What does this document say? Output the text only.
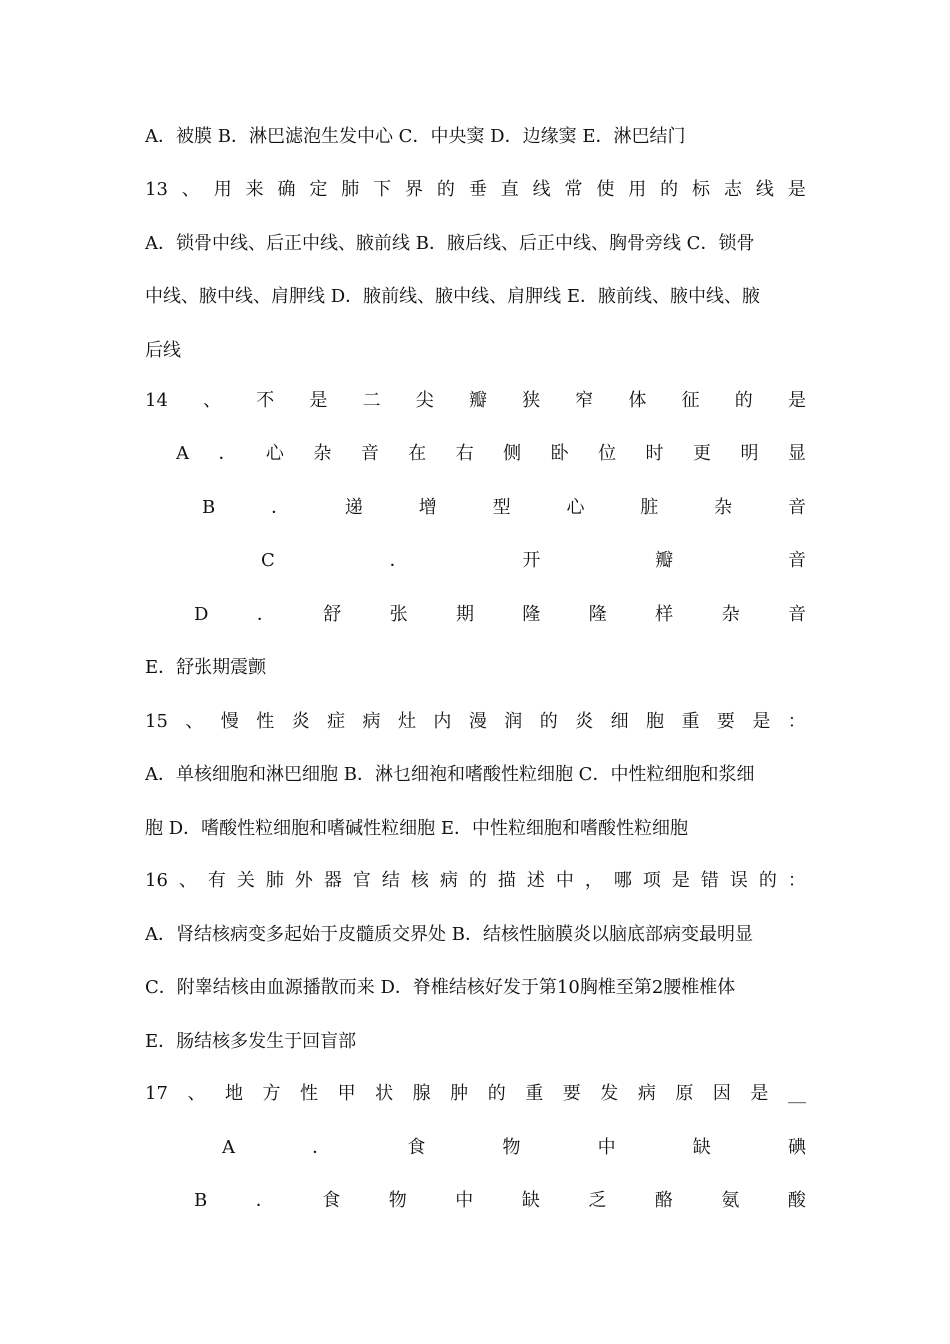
A．被膜 B．淋巴滤泡生发中心 C．中央窦 D．边缘窦 E．淋巴结门
13 、 用 来 确 定 肺 下 界 的 垂 直 线 常 使 用 的 标 志 线 是
A．锁骨中线、后正中线、腋前线 B．腋后线、后正中线、胸骨旁线 C．锁骨
中线、腋中线、肩胛线 D．腋前线、腋中线、肩胛线 E．腋前线、腋中线、腋
后线
14 、 不 是 二 尖 瓣 狭 窄 体 征 的 是
A ． 心 杂 音 在 右 侧 卧 位 时 更 明 显
B	．	递	增	型	心	脏	杂	音
C	．	开	瓣	音
D	．	舒	张	期	隆	隆	样	杂	音
E．舒张期震颤
15 、 慢 性 炎 症 病 灶 内 漫 润 的 炎 细 胞 重 要 是 ：
A．单核细胞和淋巴细胞 B．淋乜细袍和嗜酸性粒细胞 C．中性粒细胞和浆细
胞 D．嗜酸性粒细胞和嗜碱性粒细胞 E．中性粒细胞和嗜酸性粒细胞
16 、 有 关 肺 外 器 官 结 核 病 的 描 述 中 ， 哪 项 是 错 误 的 ：
A．肾结核病变多起始于皮髓质交界处 B．结核性脑膜炎以脑底部病变最明显
C．附睾结核由血源播散而来 D．脊椎结核好发于第10胸椎至第2腰椎椎体
E．肠结核多发生于回盲部
17 、 地 方 性 甲 状 腺 肿 的 重 要 发 病 原 因 是 __
A	．	食	物	中	缺	碘
B	．	食	物	中	缺	乏	酪	氨	酸
